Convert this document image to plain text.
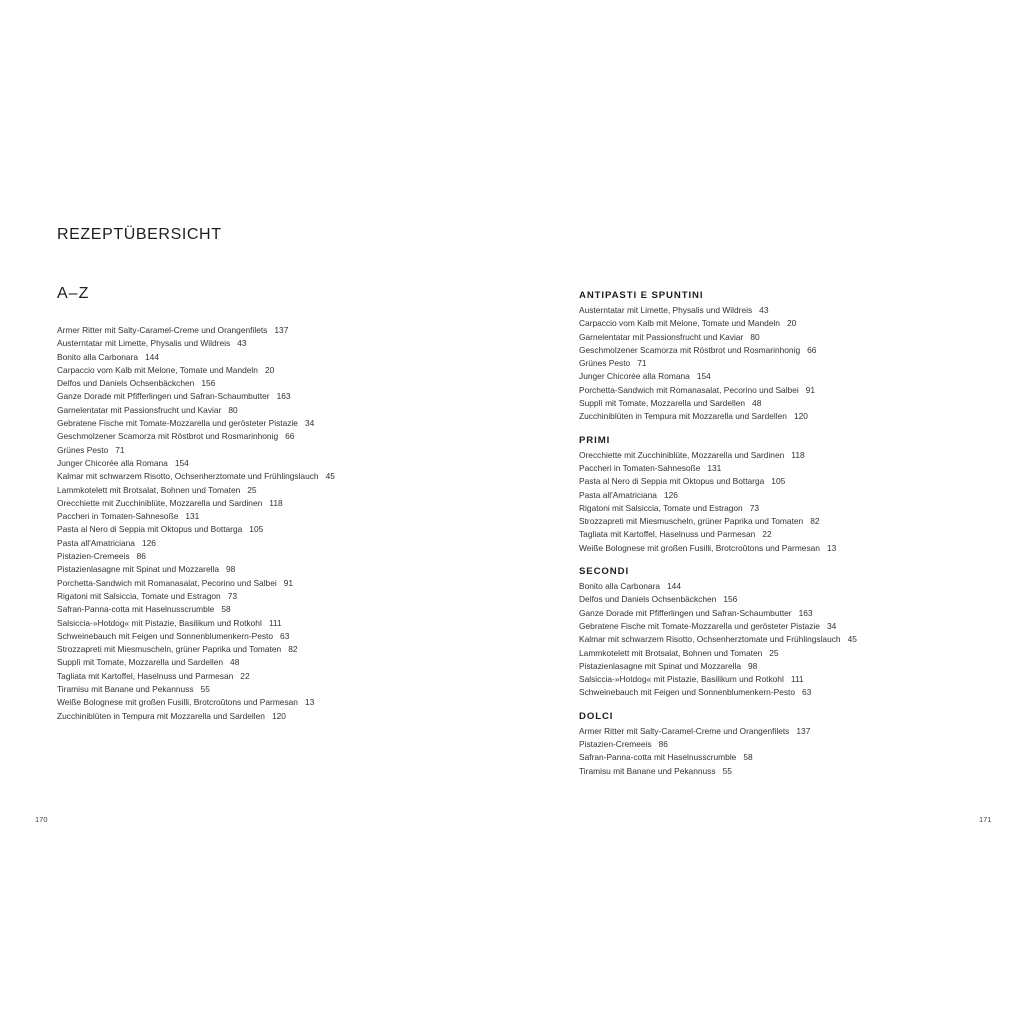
REZEPTÜBERSICHT
A–Z
Armer Ritter mit Salty-Caramel-Creme und Orangenfilets 137
Austerntatar mit Limette, Physalis und Wildreis 43
Bonito alla Carbonara 144
Carpaccio vom Kalb mit Melone, Tomate und Mandeln 20
Delfos und Daniels Ochsenbäckchen 156
Ganze Dorade mit Pfifferlingen und Safran-Schaumbutter 163
Garnelentatar mit Passionsfrucht und Kaviar 80
Gebratene Fische mit Tomate-Mozzarella und gerösteter Pistazie 34
Geschmolzener Scamorza mit Röstbrot und Rosmarinhonig 66
Grünes Pesto 71
Junger Chicorée alla Romana 154
Kalmar mit schwarzem Risotto, Ochsenherztomate und Frühlingslauch 45
Lammkotelett mit Brotsalat, Bohnen und Tomaten 25
Orecchiette mit Zucchiniblüte, Mozzarella und Sardinen 118
Paccheri in Tomaten-Sahnesoße 131
Pasta al Nero di Seppia mit Oktopus und Bottarga 105
Pasta all'Amatriciana 126
Pistazien-Cremeeis 86
Pistazienlasagne mit Spinat und Mozzarella 98
Porchetta-Sandwich mit Romanasalat, Pecorino und Salbei 91
Rigatoni mit Salsiccia, Tomate und Estragon 73
Safran-Panna-cotta mit Haselnusscrumble 58
Salsiccia-»Hotdog« mit Pistazie, Basilikum und Rotkohl 111
Schweinebauch mit Feigen und Sonnenblumenkern-Pesto 63
Strozzapreti mit Miesmuscheln, grüner Paprika und Tomaten 82
Supplì mit Tomate, Mozzarella und Sardellen 48
Tagliata mit Kartoffel, Haselnuss und Parmesan 22
Tiramisu mit Banane und Pekannuss 55
Weiße Bolognese mit großen Fusilli, Brotcroûtons und Parmesan 13
Zucchiniblüten in Tempura mit Mozzarella und Sardellen 120
ANTIPASTI E SPUNTINI
Austerntatar mit Limette, Physalis und Wildreis 43
Carpaccio vom Kalb mit Melone, Tomate und Mandeln 20
Garnelentatar mit Passionsfrucht und Kaviar 80
Geschmolzener Scamorza mit Röstbrot und Rosmarinhonig 66
Grünes Pesto 71
Junger Chicorée alla Romana 154
Porchetta-Sandwich mit Romanasalat, Pecorino und Salbei 91
Supplì mit Tomate, Mozzarella und Sardellen 48
Zucchiniblüten in Tempura mit Mozzarella und Sardellen 120
PRIMI
Orecchiette mit Zucchiniblüte, Mozzarella und Sardinen 118
Paccheri in Tomaten-Sahnesoße 131
Pasta al Nero di Seppia mit Oktopus und Bottarga 105
Pasta all'Amatriciana 126
Rigatoni mit Salsiccia, Tomate und Estragon 73
Strozzapreti mit Miesmuscheln, grüner Paprika und Tomaten 82
Tagliata mit Kartoffel, Haselnuss und Parmesan 22
Weiße Bolognese mit großen Fusilli, Brotcroûtons und Parmesan 13
SECONDI
Bonito alla Carbonara 144
Delfos und Daniels Ochsenbäckchen 156
Ganze Dorade mit Pfifferlingen und Safran-Schaumbutter 163
Gebratene Fische mit Tomate-Mozzarella und gerösteter Pistazie 34
Kalmar mit schwarzem Risotto, Ochsenherztomate und Frühlingslauch 45
Lammkotelett mit Brotsalat, Bohnen und Tomaten 25
Pistazienlasagne mit Spinat und Mozzarella 98
Salsiccia-»Hotdog« mit Pistazie, Basilikum und Rotkohl 111
Schweinebauch mit Feigen und Sonnenblumenkern-Pesto 63
DOLCI
Armer Ritter mit Salty-Caramel-Creme und Orangenfilets 137
Pistazien-Cremeeis 86
Safran-Panna-cotta mit Haselnusscrumble 58
Tiramisu mit Banane und Pekannuss 55
170	171
